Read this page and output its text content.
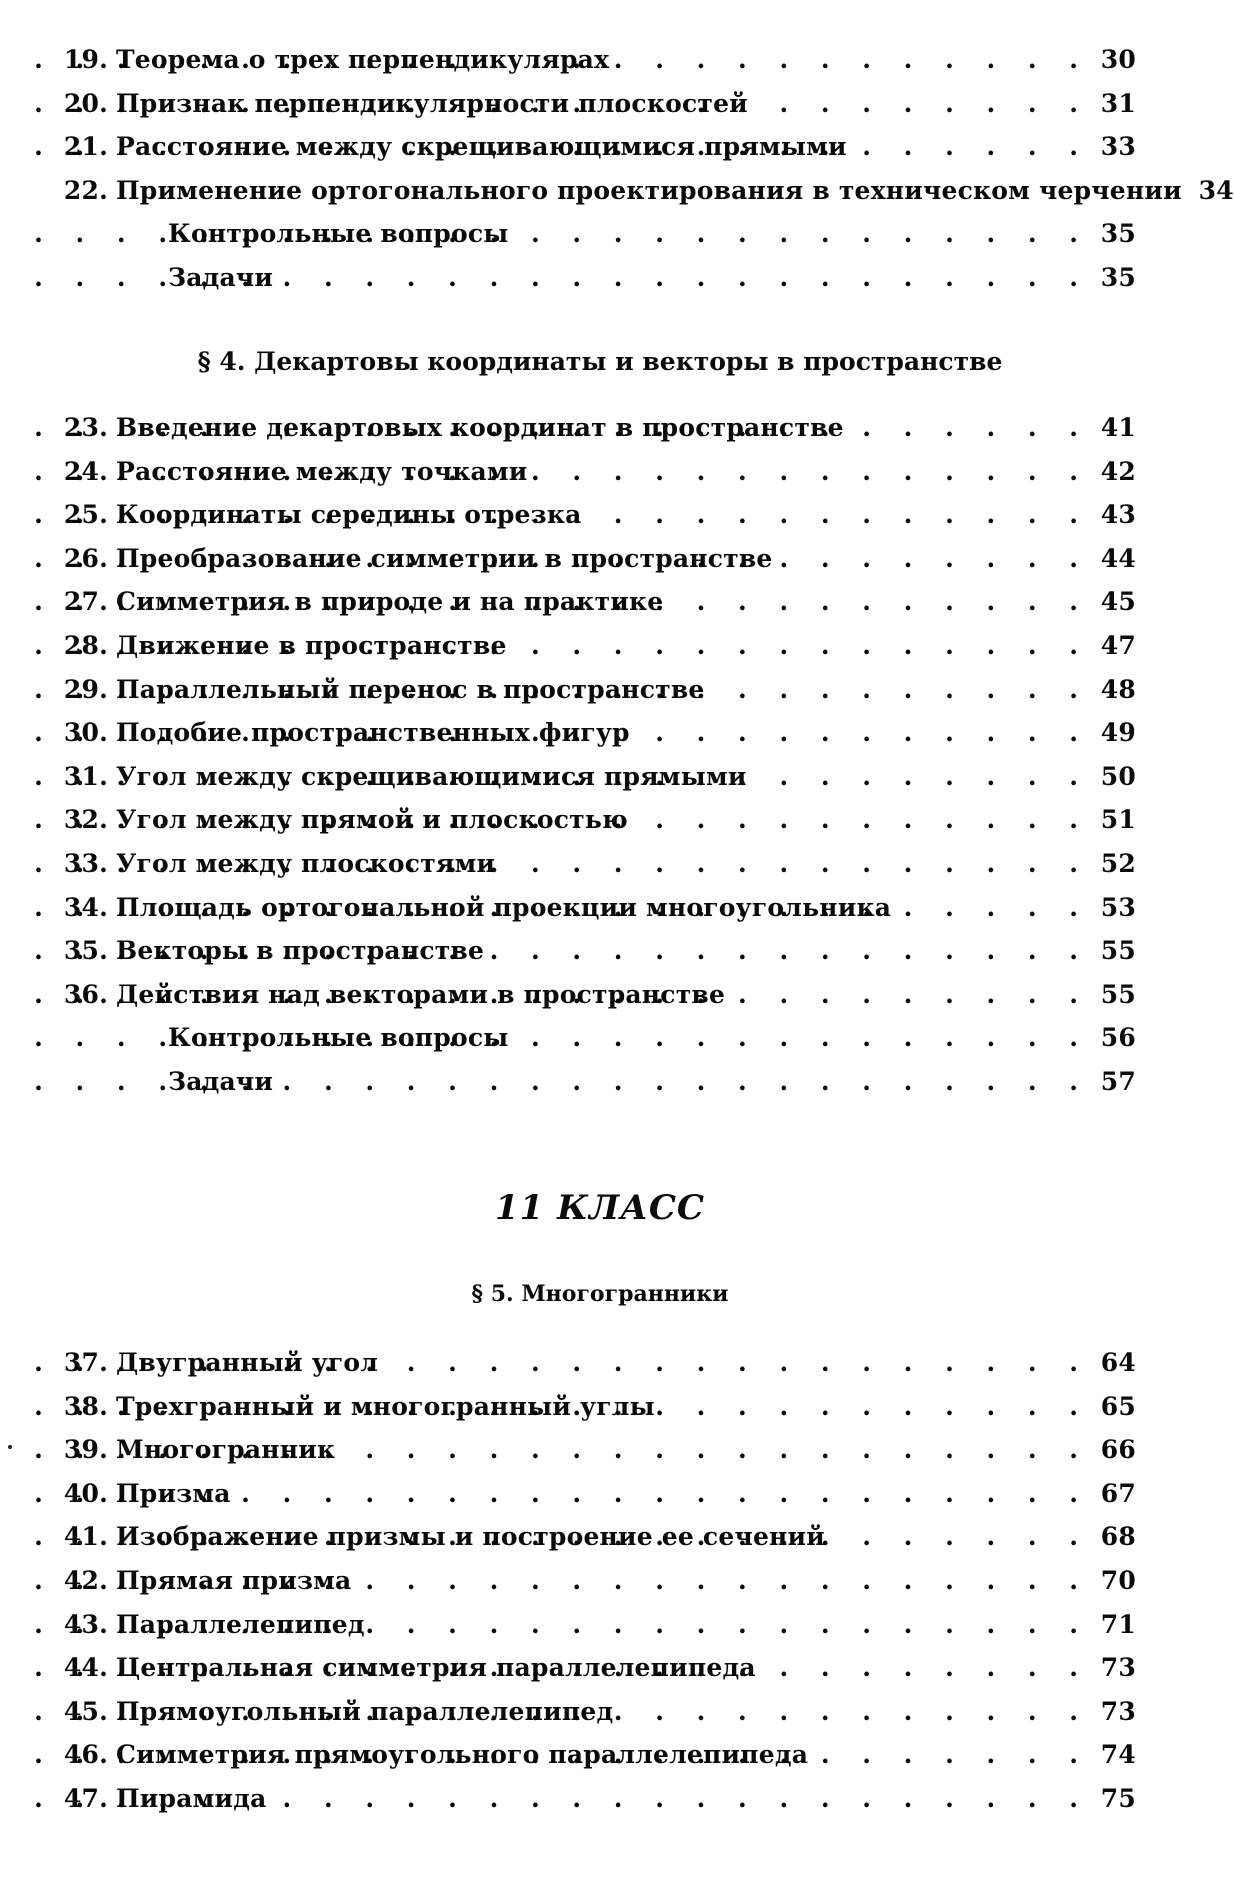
19. Теорема о трех перпендикулярах . . .	30
20. Признак перпендикулярности плоскостей . . .	31
21. Расстояние между скрещивающимися прямыми . . .	33
22. Применение ортогонального проектирования в техническом черчении 34
Контрольные вопросы . . .	35
Задачи . . .	35
§ 4. Декартовы координаты и векторы в пространстве
23. Введение декартовых координат в пространстве . . .	41
24. Расстояние между точками . . .	42
25. Координаты середины отрезка . . .	43
26. Преобразование симметрии в пространстве . . .	44
27. Симметрия в природе и на практике . . .	45
28. Движение в пространстве . . .	47
29. Параллельный перенос в пространстве . . .	48
30. Подобие пространственных фигур . . .	49
31. Угол между скрещивающимися прямыми . . .	50
32. Угол между прямой и плоскостью . . .	51
33. Угол между плоскостями . . .	52
34. Площадь ортогональной проекции многоугольника . . .	53
35. Векторы в пространстве . . .	55
36. Действия над векторами в пространстве . . .	55
Контрольные вопросы . . .	56
Задачи . . .	57
11 КЛАСС
§ 5. Многогранники
37. Двугранный угол . . .	64
38. Трехгранный и многогранный углы . . .	65
39. Многогранник . . .	66
40. Призма . . .	67
41. Изображение призмы и построение ее сечений . . .	68
42. Прямая призма . . .	70
43. Параллелепипед . . .	71
44. Центральная симметрия параллелепипеда . . .	73
45. Прямоугольный параллелепипед . . .	73
46. Симметрия прямоугольного параллелепипеда . . .	74
47. Пирамида . . .	75
